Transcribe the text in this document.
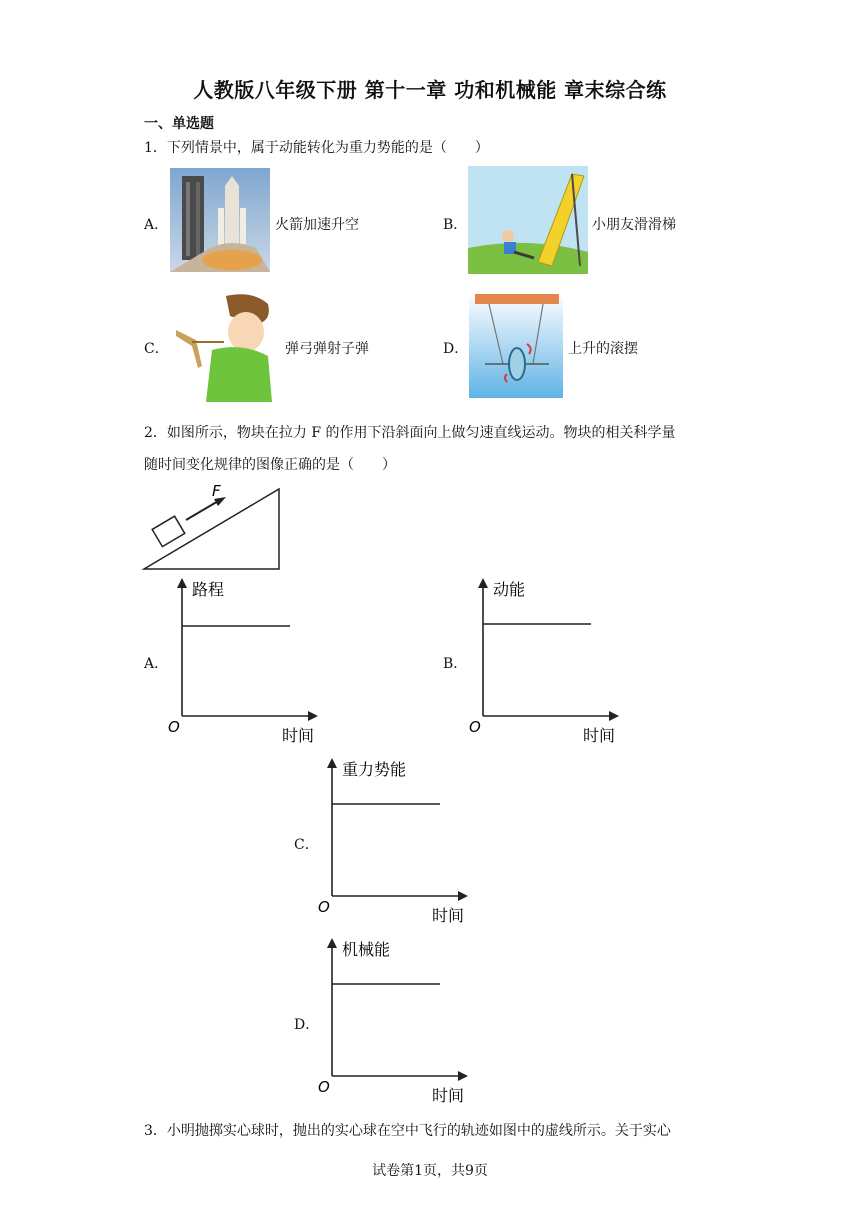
人教版八年级下册 第十一章 功和机械能 章末综合练
一、单选题
1．下列情景中，属于动能转化为重力势能的是（　　）
A．	火箭加速升空	B．	小朋友滑滑梯
C．	弹弓弹射子弹	D．	上升的滚摆
2．如图所示，物块在拉力 F 的作用下沿斜面向上做匀速直线运动。物块的相关科学量
随时间变化规律的图像正确的是（　　）
F
A．
路程
时间
O
B．
动能
时间
O
C．
重力势能
时间
O
D．
机械能
时间
O
3．小明抛掷实心球时，抛出的实心球在空中飞行的轨迹如图中的虚线所示。关于实心
试卷第1页，共9页
